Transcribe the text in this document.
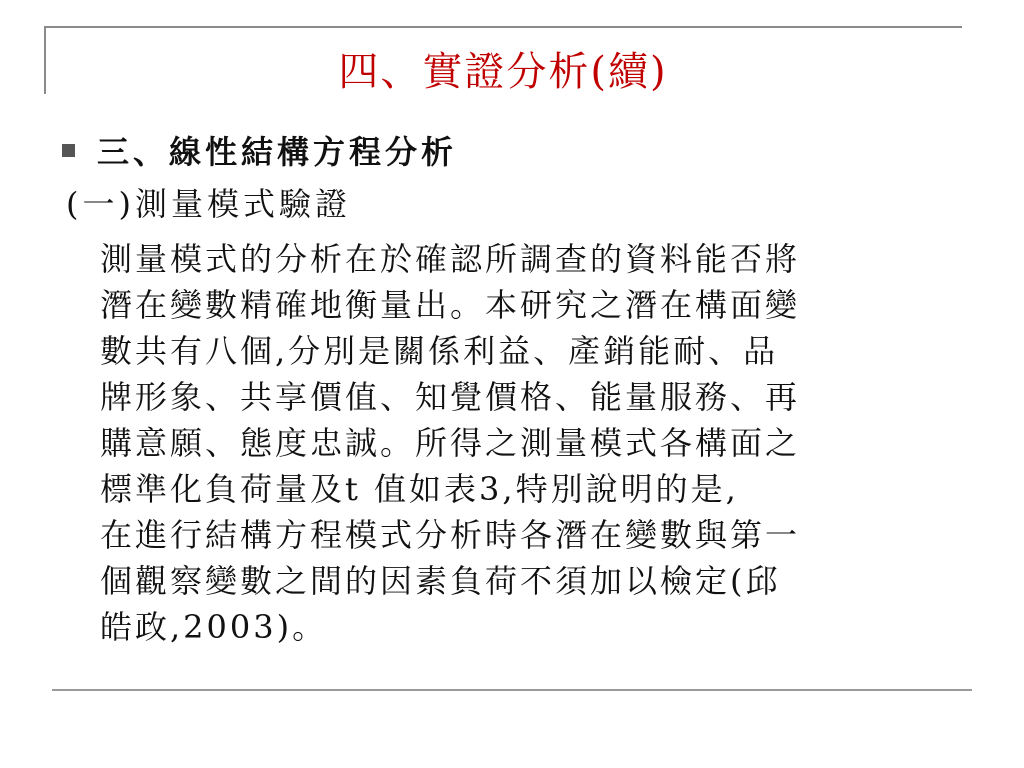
四、實證分析(續)
三、線性結構方程分析
(一)測量模式驗證
測量模式的分析在於確認所調查的資料能否將
潛在變數精確地衡量出。本研究之潛在構面變
數共有八個,分別是關係利益、產銷能耐、品
牌形象、共享價值、知覺價格、能量服務、再
購意願、態度忠誠。所得之測量模式各構面之
標準化負荷量及t 值如表3,特別說明的是,
在進行結構方程模式分析時各潛在變數與第一
個觀察變數之間的因素負荷不須加以檢定(邱
皓政,2003)。
